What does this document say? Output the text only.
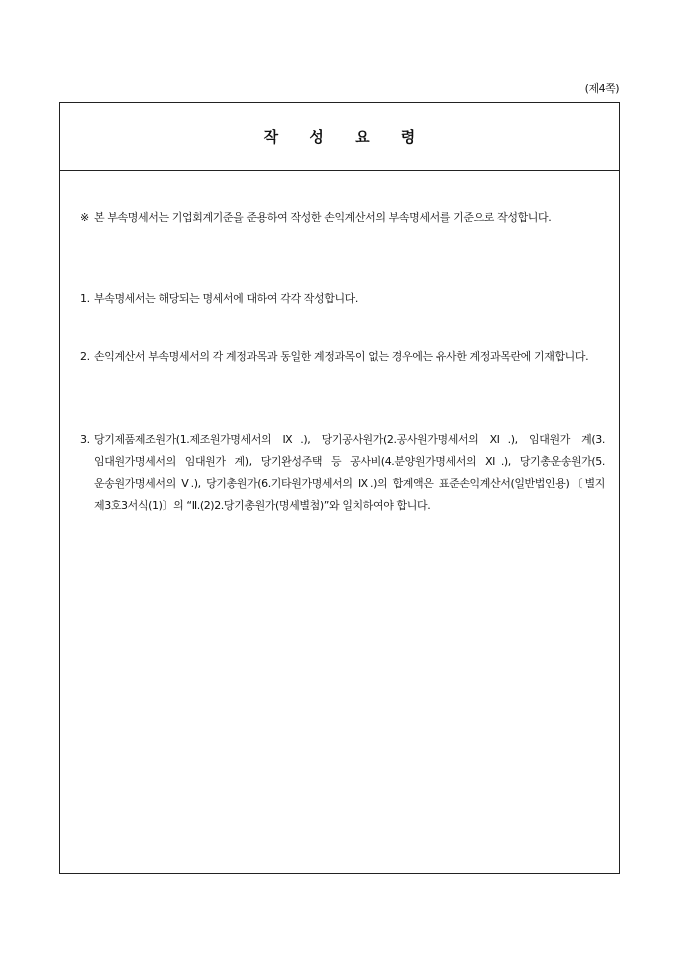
(제4쪽)
작 성 요 령
※ 본 부속명세서는 기업회계기준을 준용하여 작성한 손익계산서의 부속명세서를 기준으로 작성합니다.
1. 부속명세서는 해당되는 명세서에 대하여 각각 작성합니다.
2. 손익계산서 부속명세서의 각 계정과목과 동일한 계정과목이 없는 경우에는 유사한 계정과목란에 기재합니다.
3. 당기제품제조원가(1.제조원가명세서의 Ⅸ.), 당기공사원가(2.공사원가명세서의 Ⅺ.), 임대원가 계(3.임대원가명세서의 임대원가 계), 당기완성주택 등 공사비(4.분양원가명세서의 Ⅺ.), 당기총운송원가(5.운송원가명세서의 Ⅴ.), 당기총원가(6.기타원가명세서의 Ⅸ.)의 합계액은 표준손익계산서(일반법인용)〔별지 제3호3서식(1)〕의 “Ⅱ.(2)2.당기총원가(명세별첨)”와 일치하여야 합니다.
